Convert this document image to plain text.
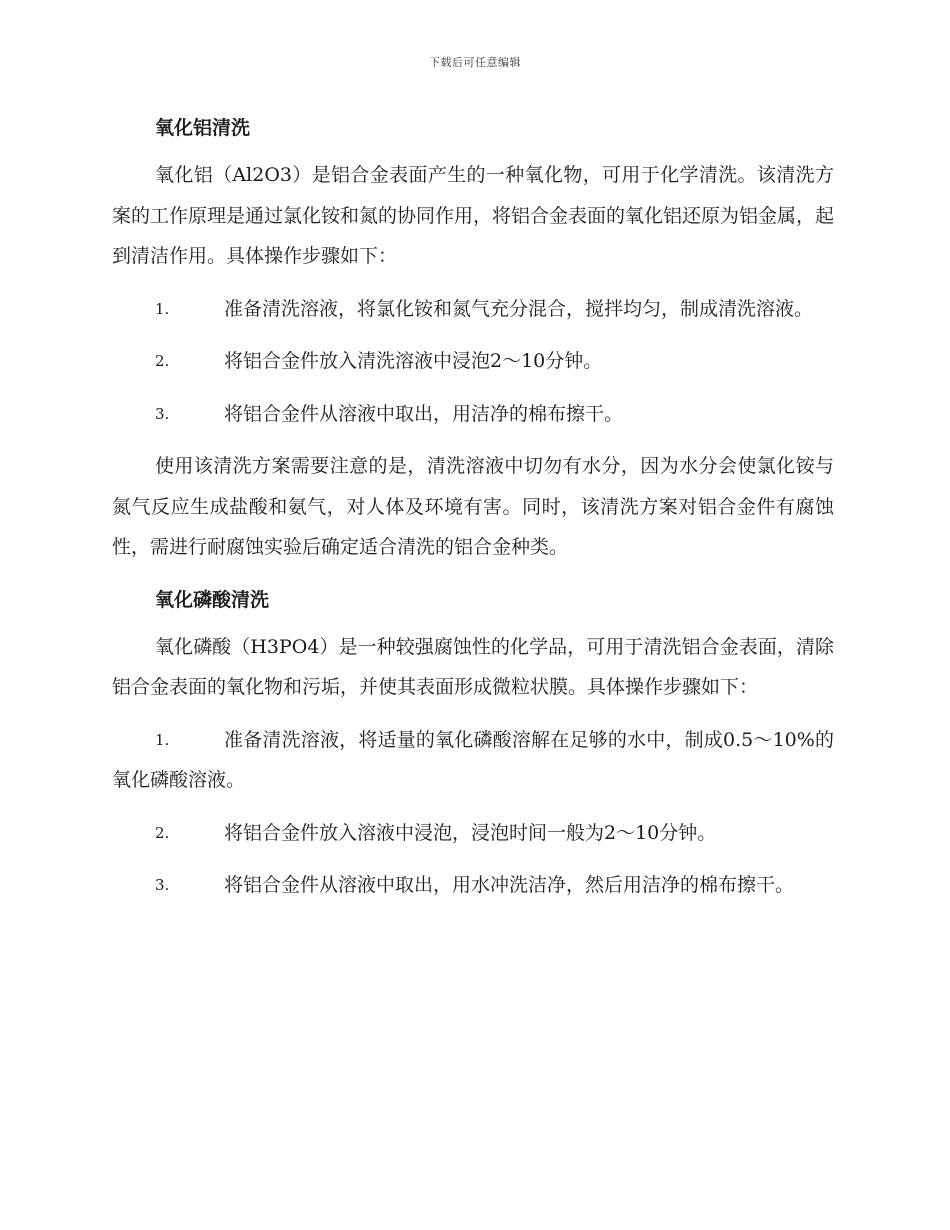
下载后可任意编辑
氧化铝清洗

氧化铝（Al2O3）是铝合金表面产生的一种氧化物，可用于化学清洗。该清洗方案的工作原理是通过氯化铵和氮的协同作用，将铝合金表面的氧化铝还原为铝金属，起到清洁作用。具体操作步骤如下：

1.	准备清洗溶液，将氯化铵和氮气充分混合，搅拌均匀，制成清洗溶液。
2.	将铝合金件放入清洗溶液中浸泡2～10分钟。
3.	将铝合金件从溶液中取出，用洁净的棉布擦干。

使用该清洗方案需要注意的是，清洗溶液中切勿有水分，因为水分会使氯化铵与氮气反应生成盐酸和氨气，对人体及环境有害。同时，该清洗方案对铝合金件有腐蚀性，需进行耐腐蚀实验后确定适合清洗的铝合金种类。

氧化磷酸清洗

氧化磷酸（H3PO4）是一种较强腐蚀性的化学品，可用于清洗铝合金表面，清除铝合金表面的氧化物和污垢，并使其表面形成微粒状膜。具体操作步骤如下：

1.	准备清洗溶液，将适量的氧化磷酸溶解在足够的水中，制成0.5～10%的氧化磷酸溶液。
2.	将铝合金件放入溶液中浸泡，浸泡时间一般为2～10分钟。
3.	将铝合金件从溶液中取出，用水冲洗洁净，然后用洁净的棉布擦干。
